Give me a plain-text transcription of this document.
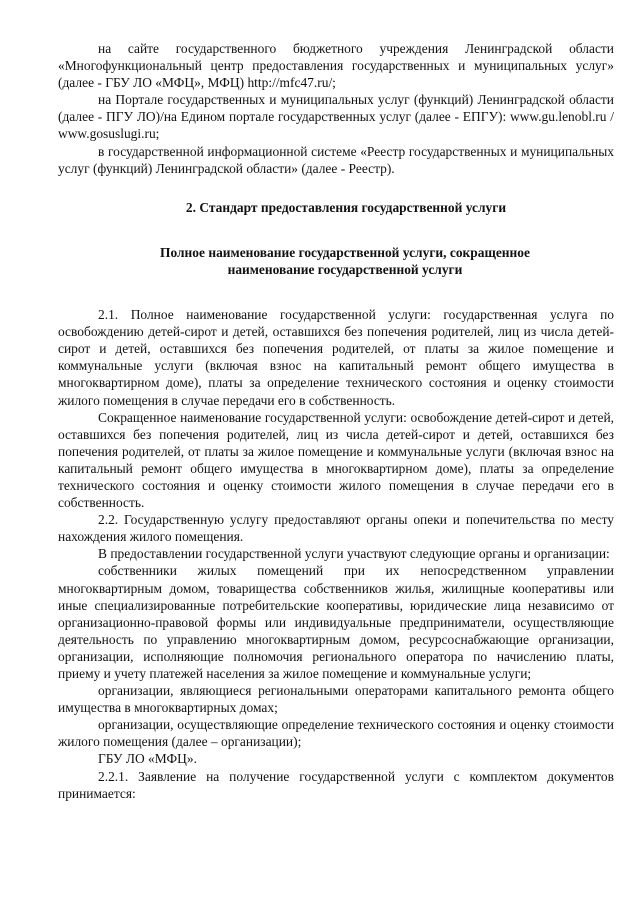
на сайте государственного бюджетного учреждения Ленинградской области «Многофункциональный центр предоставления государственных и муниципальных услуг» (далее - ГБУ ЛО «МФЦ», МФЦ) http://mfc47.ru/;

на Портале государственных и муниципальных услуг (функций) Ленинградской области (далее - ПГУ ЛО)/на Едином портале государственных услуг (далее - ЕПГУ): www.gu.lenobl.ru / www.gosuslugi.ru;

в государственной информационной системе «Реестр государственных и муниципальных услуг (функций) Ленинградской области» (далее - Реестр).

2. Стандарт предоставления государственной услуги

Полное наименование государственной услуги, сокращенное

наименование государственной услуги

2.1. Полное наименование государственной услуги: государственная услуга по освобождению детей-сирот и детей, оставшихся без попечения родителей, лиц из числа детей-сирот и детей, оставшихся без попечения родителей, от платы за жилое помещение и коммунальные услуги (включая взнос на капитальный ремонт общего имущества в многоквартирном доме), платы за определение технического состояния и оценку стоимости жилого помещения в случае передачи его в собственность.

Сокращенное наименование государственной услуги: освобождение детей-сирот и детей, оставшихся без попечения родителей, лиц из числа детей-сирот и детей, оставшихся без попечения родителей, от платы за жилое помещение и коммунальные услуги (включая взнос на капитальный ремонт общего имущества в многоквартирном доме), платы за определение технического состояния и оценку стоимости жилого помещения в случае передачи его в собственность.

2.2. Государственную услугу предоставляют органы опеки и попечительства по месту нахождения жилого помещения.

В предоставлении государственной услуги участвуют следующие органы и организации:

собственники жилых помещений при их непосредственном управлении многоквартирным домом, товарищества собственников жилья, жилищные кооперативы или иные специализированные потребительские кооперативы, юридические лица независимо от организационно-правовой формы или индивидуальные предприниматели, осуществляющие деятельность по управлению многоквартирным домом, ресурсоснабжающие организации, организации, исполняющие полномочия регионального оператора по начислению платы, приему и учету платежей населения за жилое помещение и коммунальные услуги;

организации, являющиеся региональными операторами капитального ремонта общего имущества в многоквартирных домах;

организации, осуществляющие определение технического состояния и оценку стоимости жилого помещения (далее – организации);

ГБУ ЛО «МФЦ».

2.2.1. Заявление на получение государственной услуги с комплектом документов принимается:
